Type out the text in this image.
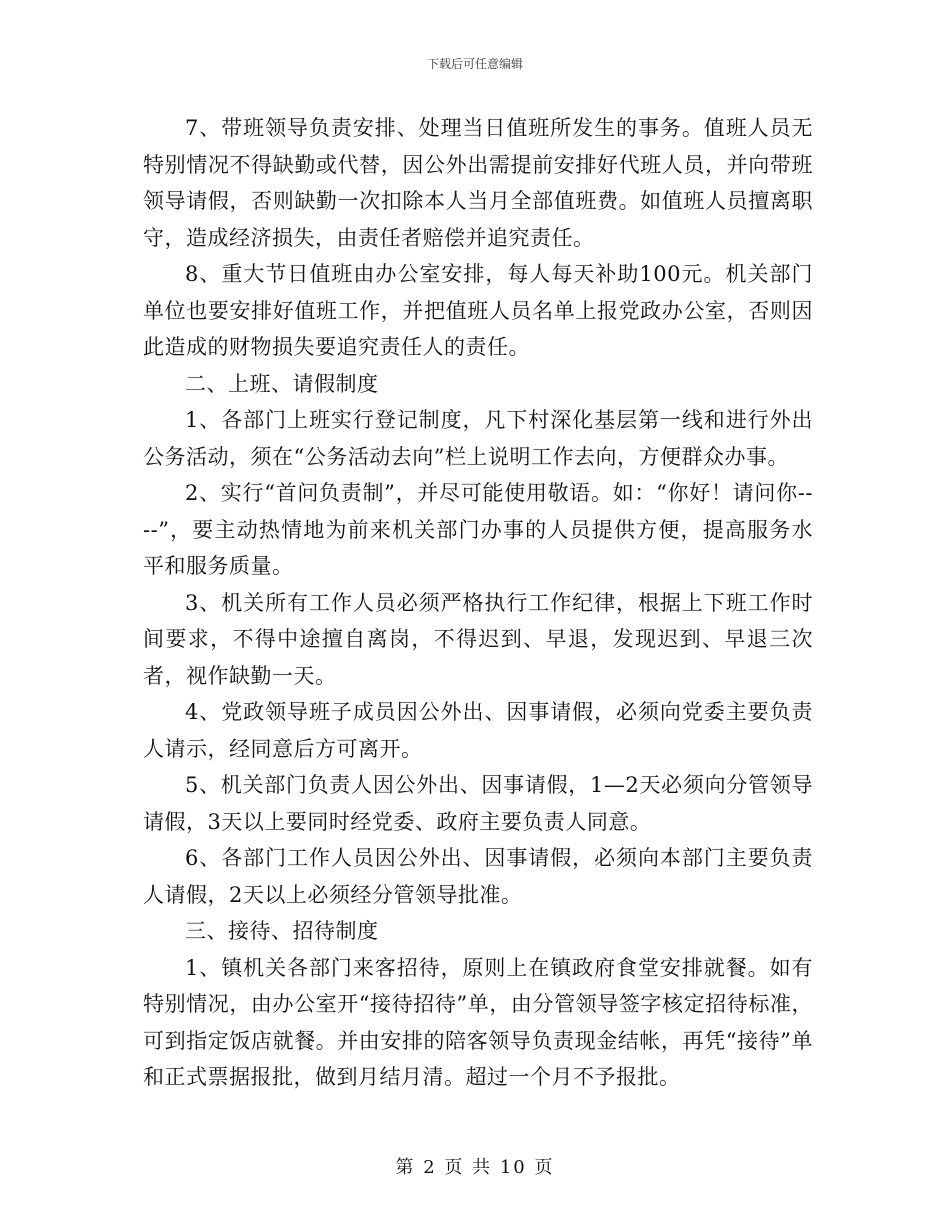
下载后可任意编辑

7、带班领导负责安排、处理当日值班所发生的事务。值班人员无特别情况不得缺勤或代替，因公外出需提前安排好代班人员，并向带班领导请假，否则缺勤一次扣除本人当月全部值班费。如值班人员擅离职守，造成经济损失，由责任者赔偿并追究责任。

8、重大节日值班由办公室安排，每人每天补助100元。机关部门单位也要安排好值班工作，并把值班人员名单上报党政办公室，否则因此造成的财物损失要追究责任人的责任。

二、上班、请假制度

1、各部门上班实行登记制度，凡下村深化基层第一线和进行外出公务活动，须在“公务活动去向”栏上说明工作去向，方便群众办事。

2、实行“首问负责制”，并尽可能使用敬语。如：“你好！请问你----”，要主动热情地为前来机关部门办事的人员提供方便，提高服务水平和服务质量。

3、机关所有工作人员必须严格执行工作纪律，根据上下班工作时间要求，不得中途擅自离岗，不得迟到、早退，发现迟到、早退三次者，视作缺勤一天。

4、党政领导班子成员因公外出、因事请假，必须向党委主要负责人请示，经同意后方可离开。

5、机关部门负责人因公外出、因事请假，1—2天必须向分管领导请假，3天以上要同时经党委、政府主要负责人同意。

6、各部门工作人员因公外出、因事请假，必须向本部门主要负责人请假，2天以上必须经分管领导批准。

三、接待、招待制度

1、镇机关各部门来客招待，原则上在镇政府食堂安排就餐。如有特别情况，由办公室开“接待招待”单，由分管领导签字核定招待标准，可到指定饭店就餐。并由安排的陪客领导负责现金结帐，再凭“接待”单和正式票据报批，做到月结月清。超过一个月不予报批。

第 2 页 共 10 页
